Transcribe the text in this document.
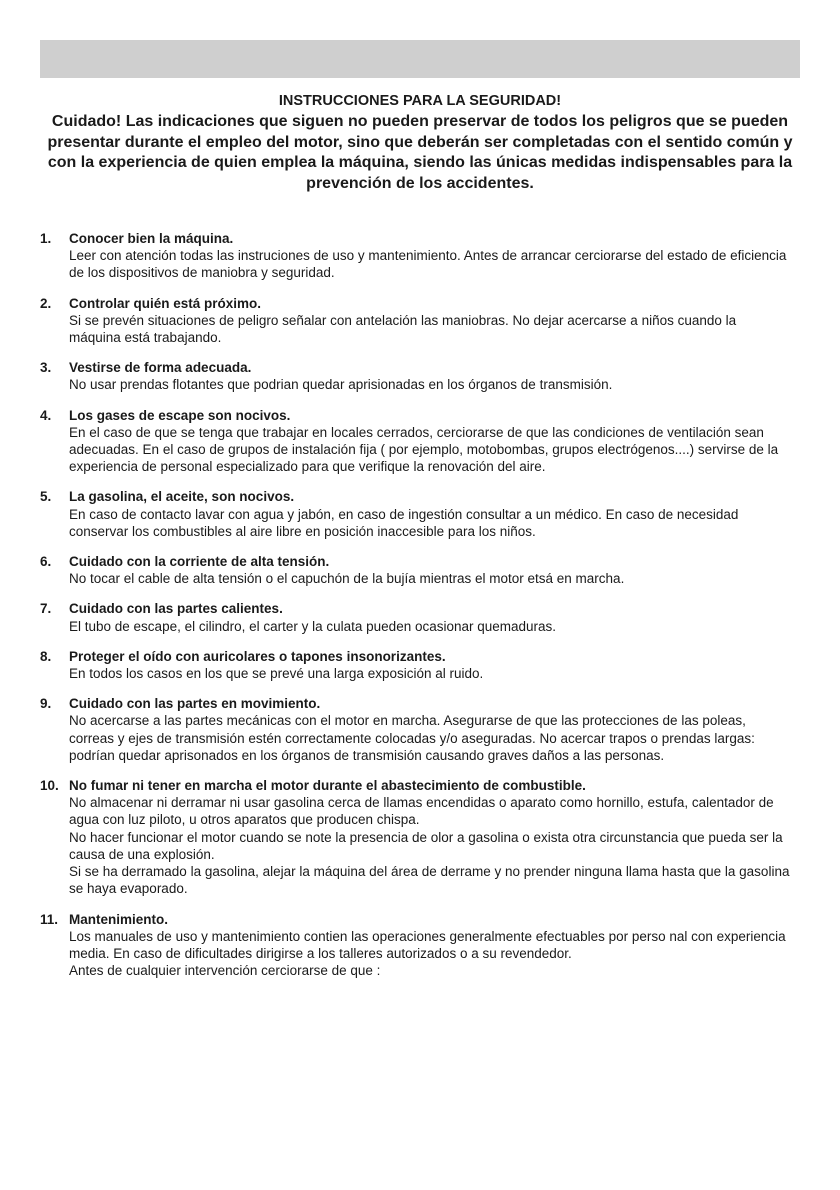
INSTRUCCIONES PARA LA SEGURIDAD!

Cuidado! Las indicaciones que siguen no pueden preservar de todos los peligros que se pueden presentar durante el empleo del motor, sino que deberán ser completadas con el sentido común y con la experiencia de quien emplea la máquina, siendo las únicas medidas indispensables para la prevención de los accidentes.

1. Conocer bien la máquina.
Leer con atención todas las instruciones de uso y mantenimiento. Antes de arrancar cerciorarse del estado de eficiencia de los dispositivos de maniobra y seguridad.
2. Controlar quién está próximo.
Si se prevén situaciones de peligro señalar con antelación las maniobras. No dejar acercarse a niños cuando la máquina está trabajando.
3. Vestirse de forma adecuada.
No usar prendas flotantes que podrian quedar aprisionadas en los órganos de transmisión.
4. Los gases de escape son nocivos.
En el caso de que se tenga que trabajar en locales cerrados, cerciorarse de que las condiciones de ventilación sean adecuadas. En el caso de grupos de instalación fija ( por ejemplo, motobombas, grupos electrógenos....) servirse de la experiencia de personal especializado para que verifique la renovación del aire.
5. La gasolina, el aceite, son nocivos.
En caso de contacto lavar con agua y jabón, en caso de ingestión consultar a un médico. En caso de necesidad conservar los combustibles al aire libre en posición inaccesible para los niños.
6. Cuidado con la corriente de alta tensión.
No tocar el cable de alta tensión o el capuchón de la bujía mientras el motor etsá en marcha.
7. Cuidado con las partes calientes.
El tubo de escape, el cilindro, el carter y la culata pueden ocasionar quemaduras.
8. Proteger el oído con auricolares o tapones insonorizantes.
En todos los casos en los que se prevé una larga exposición al ruido.
9. Cuidado con las partes en movimiento.
No acercarse a las partes mecánicas con el motor en marcha. Asegurarse de que las protecciones de las poleas, correas y ejes de transmisión estén correctamente colocadas y/o aseguradas. No acercar trapos o prendas largas: podrían quedar aprisonados en los órganos de transmisión causando graves daños a las personas.
10. No fumar ni tener en marcha el motor durante el abastecimiento de combustible.
No almacenar ni derramar ni usar gasolina cerca de llamas encendidas o aparato como hornillo, estufa, calentador de agua con luz piloto, u otros aparatos que producen chispa.
No hacer funcionar el motor cuando se note la presencia de olor a gasolina o exista otra circunstancia que pueda ser la causa de una explosión.
Si se ha derramado la gasolina, alejar la máquina del área de derrame y no prender ninguna llama hasta que la gasolina se haya evaporado.
11. Mantenimiento.
Los manuales de uso y mantenimiento contien las operaciones generalmente efectuables por perso nal con experiencia media. En caso de dificultades dirigirse a los talleres autorizados o a su revendedor.
Antes de cualquier intervención cerciorarse de que :
